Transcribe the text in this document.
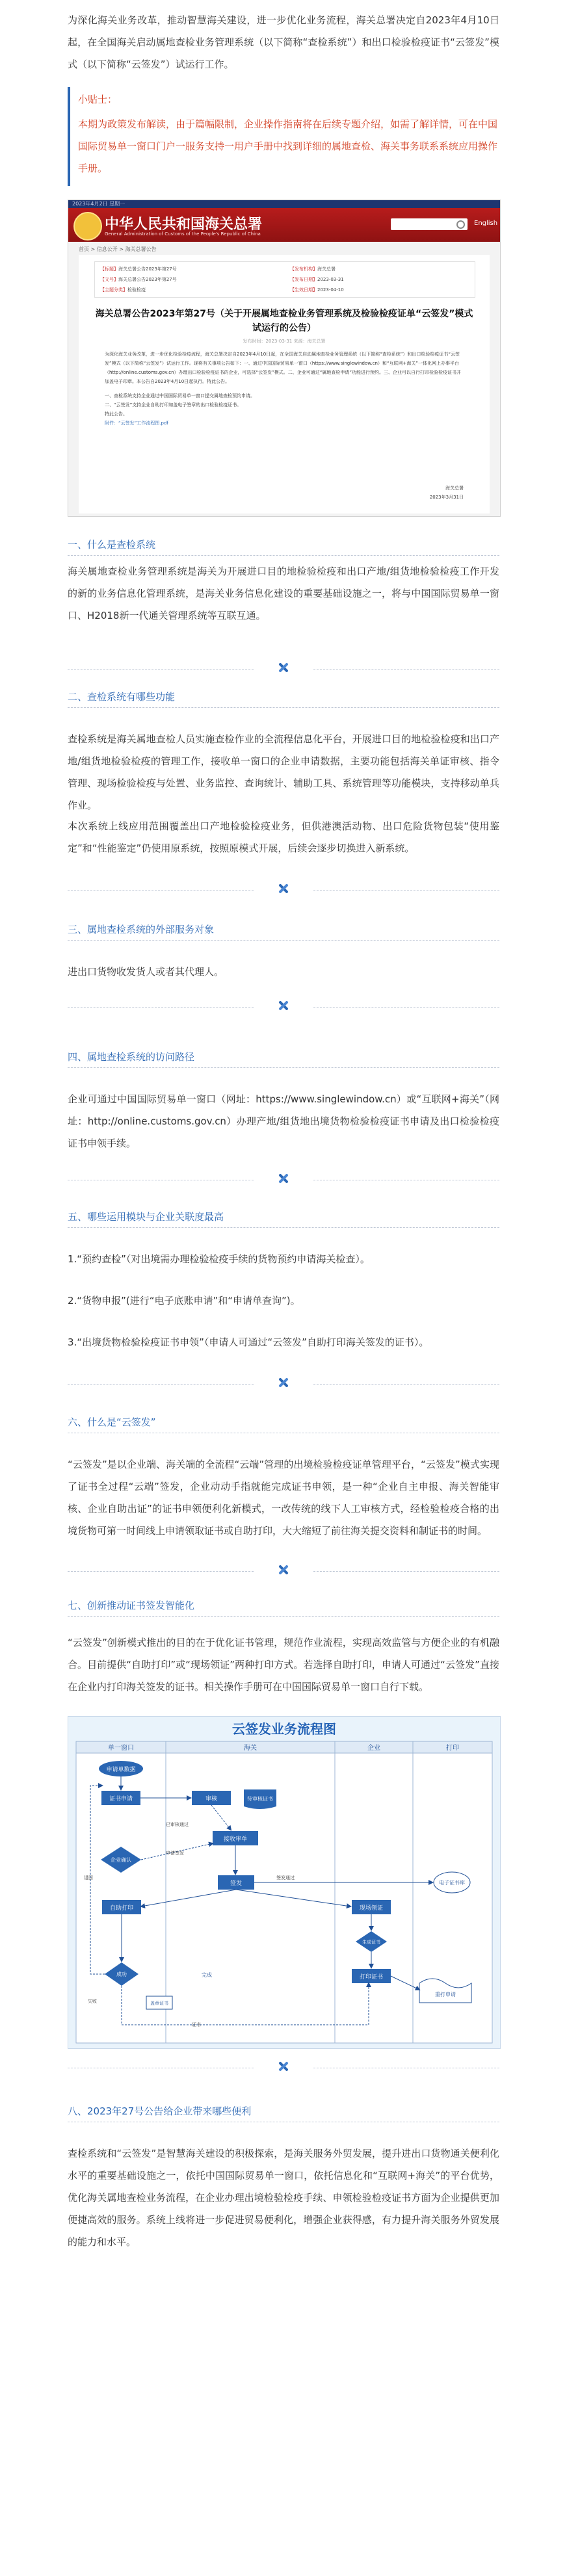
为深化海关业务改革，推动智慧海关建设，进一步优化业务流程，海关总署决定自2023年4月10日起，在全国海关启动属地查检业务管理系统（以下简称“查检系统”）和出口检验检疫证书“云签发”模式（以下简称“云签发”）试运行工作。

小贴士：
本期为政策发布解读，由于篇幅限制，企业操作指南将在后续专题介绍，如需了解详情，可在中国国际贸易单一窗口门户一服务支持一用户手册中找到详细的属地查检、海关事务联系系统应用操作手册。
2023年4月2日 星期一
中华人民共和国海关总署
General Administration of Customs of the People's Republic of China
English
首页 > 信息公开 > 海关总署公告
【标题】海关总署公告2023年第27号	【发布机构】海关总署
【文号】海关总署公告2023年第27号	【发布日期】2023-03-31
【主题分类】检验检疫	【生效日期】2023-04-10
海关总署公告2023年第27号（关于开展属地查检业务管理系统及检验检疫证单“云签发”模式试运行的公告）
发布时间：2023-03-31 来源：海关总署
为深化海关业务改革，进一步优化检验检疫流程，海关总署决定自2023年4月10日起，在全国海关启动属地查检业务管理系统（以下简称“查检系统”）和出口检验检疫证书“云签发”模式（以下简称“云签发”）试运行工作。现将有关事项公告如下：一、通过中国国际贸易单一窗口（https://www.singlewindow.cn）和“互联网+海关”一体化网上办事平台（http://online.customs.gov.cn）办理出口检验检疫证书的企业，可选择“云签发”模式。二、企业可通过“属地查检申请”功能进行预约。三、企业可以自行打印检验检疫证书并加盖电子印章。本公告自2023年4月10日起执行。特此公告。
一、查检系统支持企业通过中国国际贸易单一窗口提交属地查检预约申请。
二、“云签发”支持企业自助打印加盖电子签章的出口检验检疫证书。
特此公告。
附件：“云签发”工作流程图.pdf
海关总署
2023年3月31日
一、什么是查检系统

海关属地查检业务管理系统是海关为开展进口目的地检验检疫和出口产地/组货地检验检疫工作开发的新的业务信息化管理系统，是海关业务信息化建设的重要基础设施之一，将与中国国际贸易单一窗口、H2018新一代通关管理系统等互联互通。

二、查检系统有哪些功能

查检系统是海关属地查检人员实施查检作业的全流程信息化平台，开展进口目的地检验检疫和出口产地/组货地检验检疫的管理工作，接收单一窗口的企业申请数据，主要功能包括海关单证审核、指令管理、现场检验检疫与处置、业务监控、查询统计、辅助工具、系统管理等功能模块，支持移动单兵作业。

本次系统上线应用范围覆盖出口产地检验检疫业务，但供港澳活动物、出口危险货物包装“使用鉴定”和“性能鉴定”仍使用原系统，按照原模式开展，后续会逐步切换进入新系统。

三、属地查检系统的外部服务对象

进出口货物收发货人或者其代理人。

四、属地查检系统的访问路径

企业可通过中国国际贸易单一窗口（网址：https://www.singlewindow.cn）或“互联网+海关”（网址：http://online.customs.gov.cn）办理产地/组货地出境货物检验检疫证书申请及出口检验检疫证书申领手续。

五、哪些运用模块与企业关联度最高

1.“预约查检”（对出境需办理检验检疫手续的货物预约申请海关检查）。

2.“货物申报”(进行“电子底账申请”和“申请单查询”)。

3.“出境货物检验检疫证书申领”（申请人可通过“云签发”自助打印海关签发的证书）。

六、什么是“云签发”

“云签发”是以企业端、海关端的全流程“云端”管理的出境检验检疫证单管理平台，“云签发”模式实现了证书全过程“云端”签发，企业动动手指就能完成证书申领，是一种“企业自主申报、海关智能审核、企业自助出证”的证书申领便利化新模式，一改传统的线下人工审核方式，经检验检疫合格的出境货物可第一时间线上申请领取证书或自助打印，大大缩短了前往海关提交资料和制证书的时间。

七、创新推动证书签发智能化

“云签发”创新模式推出的目的在于优化证书管理，规范作业流程，实现高效监管与方便企业的有机融合。目前提供“自助打印”或“现场领证”两种打印方式。若选择自助打印，申请人可通过“云签发”直接在企业内打印海关签发的证书。相关操作手册可在中国国际贸易单一窗口自行下载。

云签发业务流程图
单一窗口	海关	企业	打印
申请单数据
证书申请	审核	待审核证书
接收审单
已审核通过
企业确认
申请签发
签发	电子证书库
签发通过
自助打印	现场领证
生成证书
打印证书
成功
盖章证书
重打申请
证书
失败
退回
完成
八、2023年27号公告给企业带来哪些便利

查检系统和“云签发”是智慧海关建设的积极探索，是海关服务外贸发展，提升进出口货物通关便利化水平的重要基础设施之一，依托中国国际贸易单一窗口，依托信息化和“互联网+海关”的平台优势，优化海关属地查检业务流程，在企业办理出境检验检疫手续、申领检验检疫证书方面为企业提供更加便捷高效的服务。系统上线将进一步促进贸易便利化，增强企业获得感，有力提升海关服务外贸发展的能力和水平。
